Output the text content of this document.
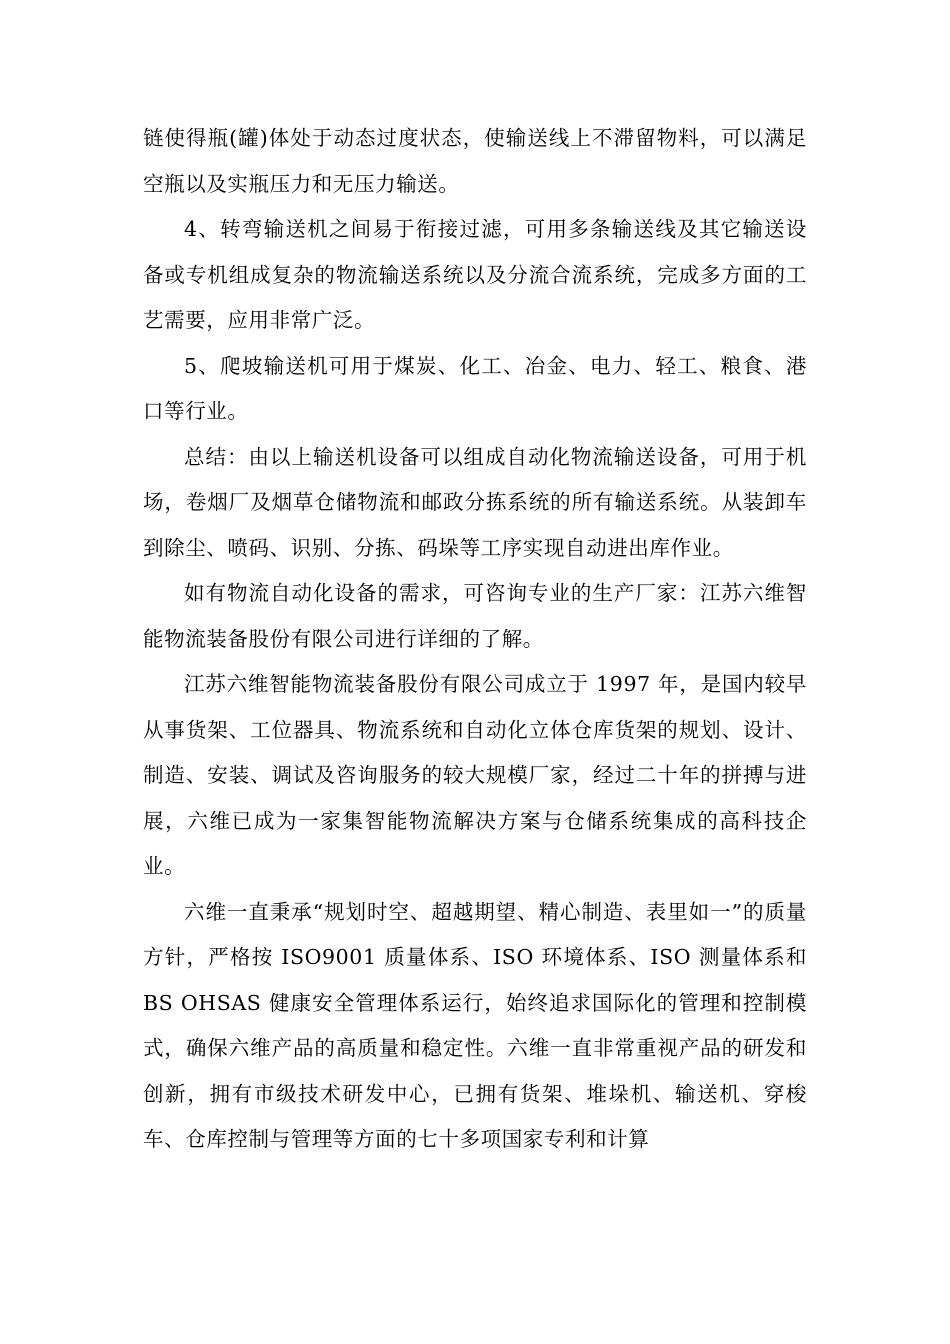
链使得瓶(罐)体处于动态过度状态，使输送线上不滞留物料，可以满足空瓶以及实瓶压力和无压力输送。

4、转弯输送机之间易于衔接过滤，可用多条输送线及其它输送设备或专机组成复杂的物流输送系统以及分流合流系统，完成多方面的工艺需要，应用非常广泛。

5、爬坡输送机可用于煤炭、化工、冶金、电力、轻工、粮食、港口等行业。

总结：由以上输送机设备可以组成自动化物流输送设备，可用于机场，卷烟厂及烟草仓储物流和邮政分拣系统的所有输送系统。从装卸车到除尘、喷码、识别、分拣、码垛等工序实现自动进出库作业。

如有物流自动化设备的需求，可咨询专业的生产厂家：江苏六维智能物流装备股份有限公司进行详细的了解。

江苏六维智能物流装备股份有限公司成立于 1997 年，是国内较早从事货架、工位器具、物流系统和自动化立体仓库货架的规划、设计、制造、安装、调试及咨询服务的较大规模厂家，经过二十年的拼搏与进展，六维已成为一家集智能物流解决方案与仓储系统集成的高科技企业。

六维一直秉承“规划时空、超越期望、精心制造、表里如一”的质量方针，严格按 ISO9001 质量体系、ISO 环境体系、ISO 测量体系和 BS OHSAS 健康安全管理体系运行，始终追求国际化的管理和控制模式，确保六维产品的高质量和稳定性。六维一直非常重视产品的研发和创新，拥有市级技术研发中心，已拥有货架、堆垛机、输送机、穿梭车、仓库控制与管理等方面的七十多项国家专利和计算
